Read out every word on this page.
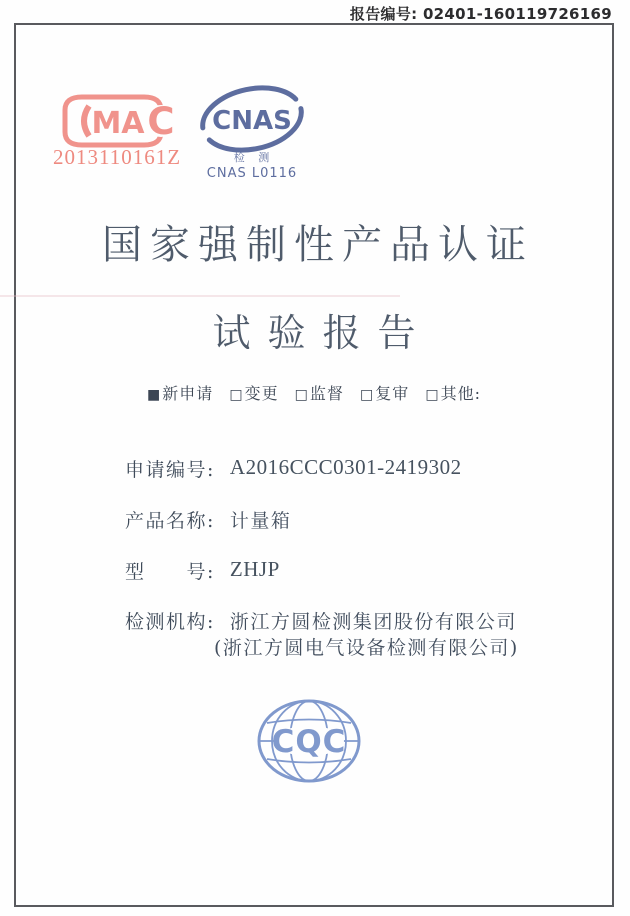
报告编号: 02401-160119726169
MA C
2013110161Z
CNAS
检 测
CNAS L0116
国家强制性产品认证
试验报告
■新申请 □变更 □监督 □复审 □其他:
申请编号: A2016CCC0301-2419302
产品名称: 计量箱
型　　号: ZHJP
检测机构: 浙江方圆检测集团股份有限公司
(浙江方圆电气设备检测有限公司)
CQC
